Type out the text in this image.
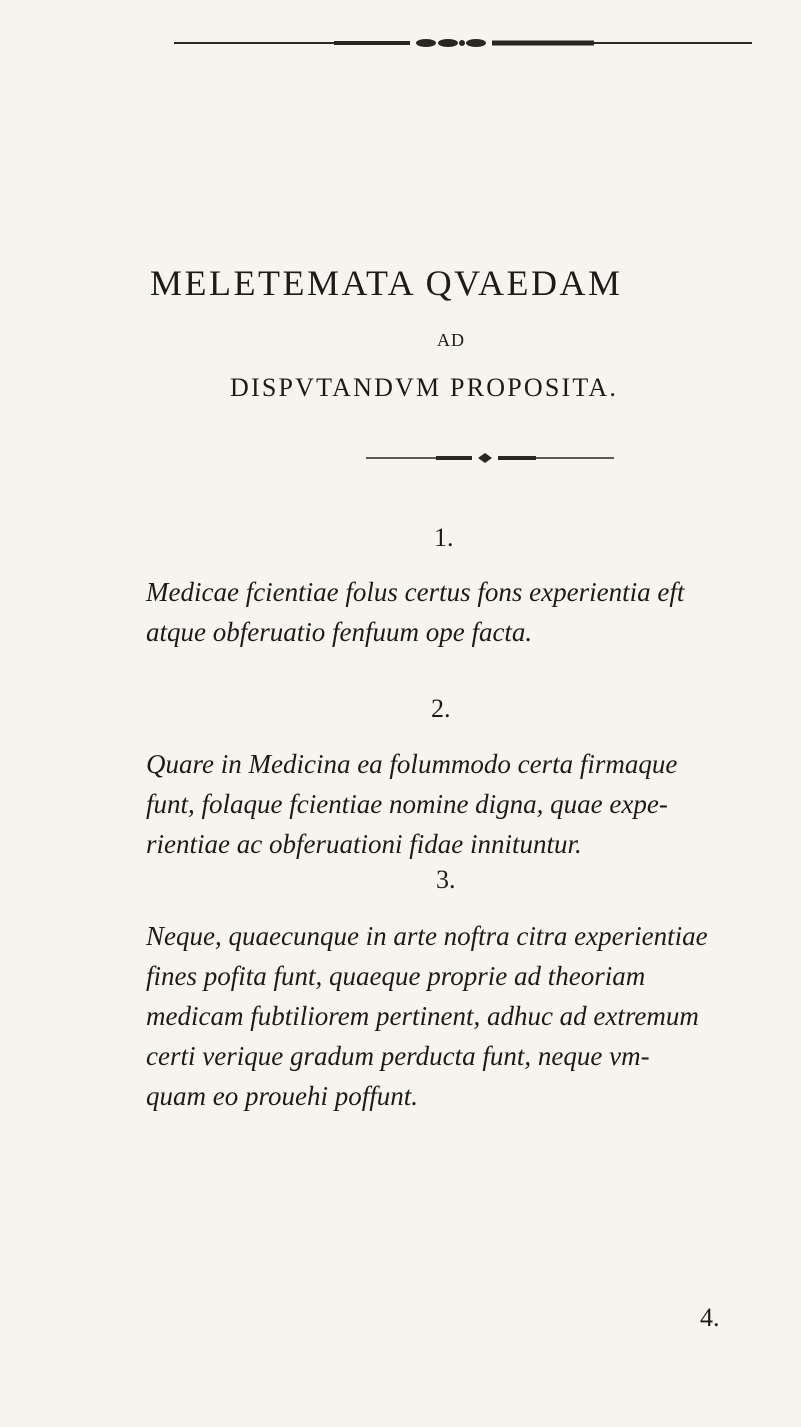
MELETEMATA QVAEDAM
AD
DISPVTANDVM PROPOSITA.
1.

Medicae fcientiae folus certus fons experientia eft
atque obferuatio fenfuum ope facta.

2.

Quare in Medicina ea folummodo certa firmaque
funt, folaque fcientiae nomine digna, quae expe-
rientiae ac obferuationi fidae innituntur.

3.

Neque, quaecunque in arte noftra citra experientiae
fines pofita funt, quaeque proprie ad theoriam
medicam fubtiliorem pertinent, adhuc ad extremum
certi verique gradum perducta funt, neque vm-
quam eo prouehi poffunt.

4.
